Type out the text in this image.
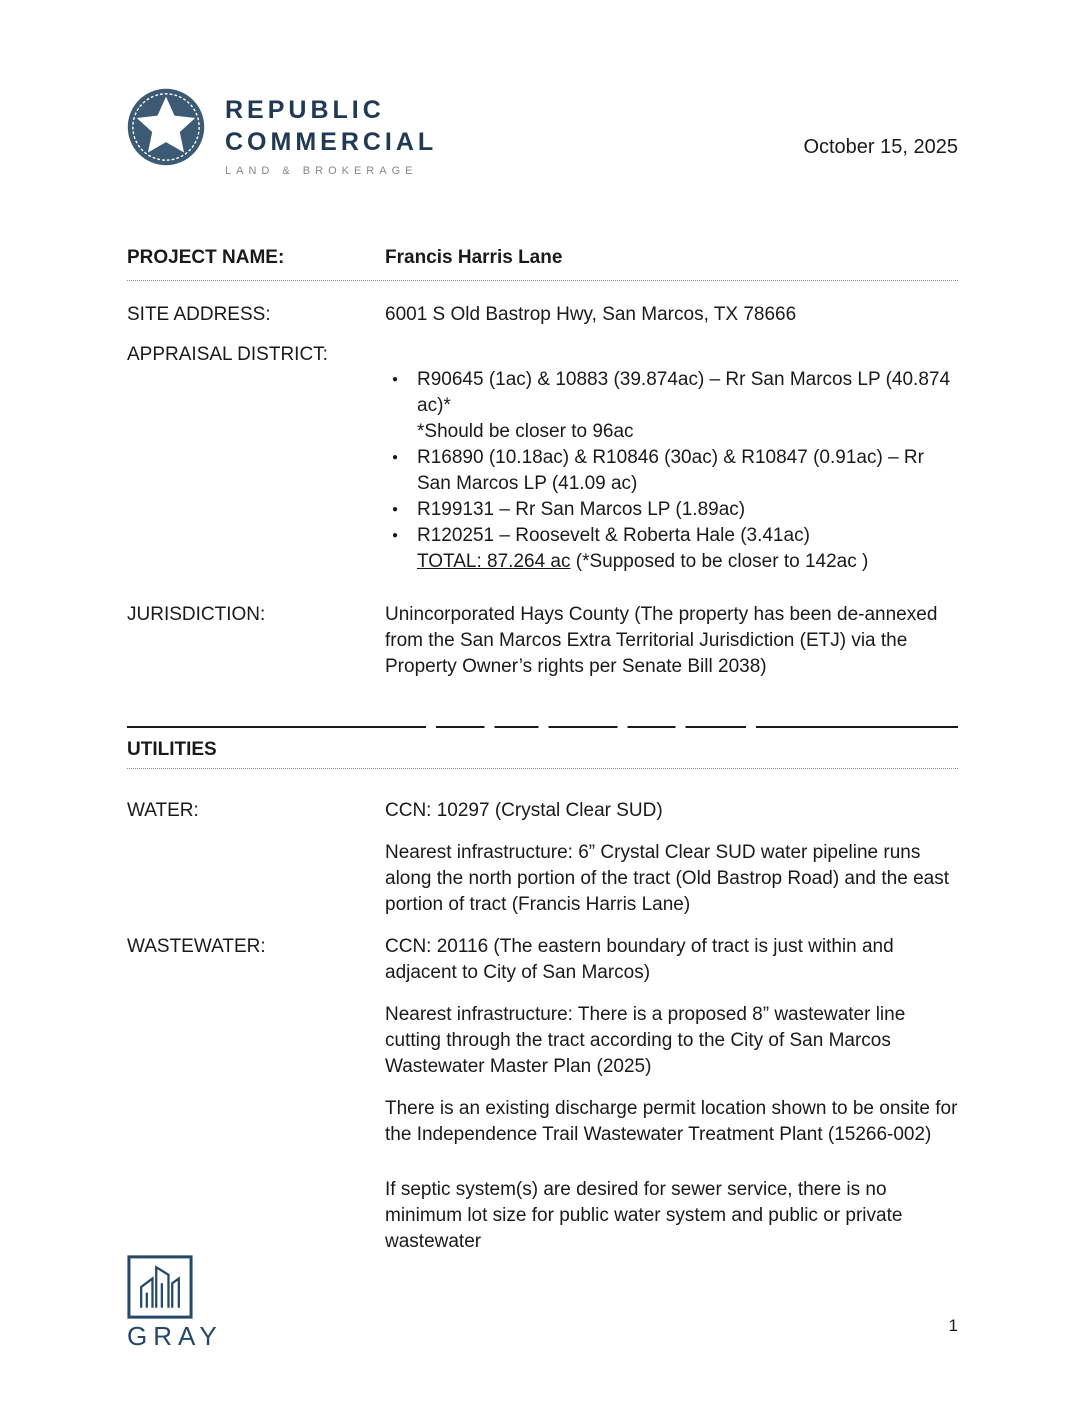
REPUBLIC
COMMERCIAL
LAND & BROKERAGE
October 15, 2025
PROJECT NAME:	Francis Harris Lane
SITE ADDRESS:	6001 S Old Bastrop Hwy, San Marcos, TX 78666
APPRAISAL DISTRICT:
● R90645 (1ac) & 10883 (39.874ac) – Rr San Marcos LP (40.874 ac)*
*Should be closer to 96ac
● R16890 (10.18ac) & R10846 (30ac) & R10847 (0.91ac) – Rr San Marcos LP (41.09 ac)
● R199131 – Rr San Marcos LP (1.89ac)
● R120251 – Roosevelt & Roberta Hale (3.41ac)
TOTAL: 87.264 ac (*Supposed to be closer to 142ac )
JURISDICTION:	Unincorporated Hays County (The property has been de-annexed from the San Marcos Extra Territorial Jurisdiction (ETJ) via the Property Owner’s rights per Senate Bill 2038)
UTILITIES
WATER:	CCN: 10297 (Crystal Clear SUD)
Nearest infrastructure: 6” Crystal Clear SUD water pipeline runs along the north portion of the tract (Old Bastrop Road) and the east portion of tract (Francis Harris Lane)
WASTEWATER:	CCN: 20116 (The eastern boundary of tract is just within and adjacent to City of San Marcos)
Nearest infrastructure: There is a proposed 8” wastewater line cutting through the tract according to the City of San Marcos Wastewater Master Plan (2025)
There is an existing discharge permit location shown to be onsite for the Independence Trail Wastewater Treatment Plant (15266-002)
If septic system(s) are desired for sewer service, there is no minimum lot size for public water system and public or private wastewater
GRAY	1
